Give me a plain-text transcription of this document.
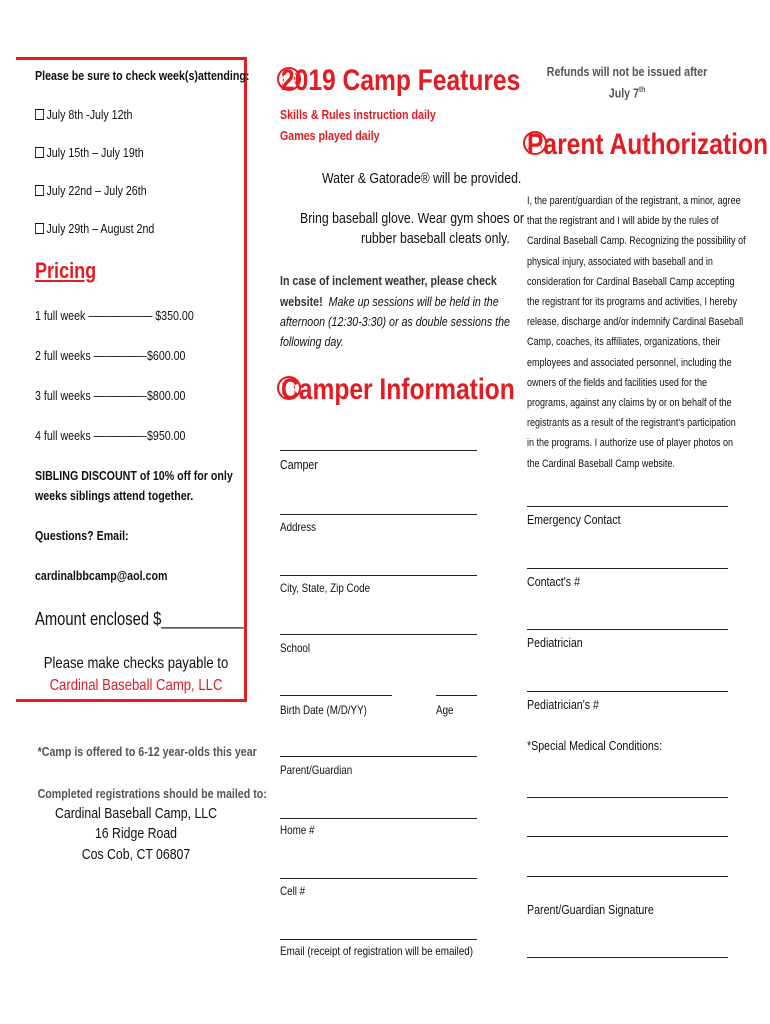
Please be sure to check week(s)attending:
July 8th -July 12th
July 15th – July 19th
July 22nd – July 26th
July 29th – August 2nd
Pricing
1 full week —————— $350.00
2 full weeks —————$600.00
3 full weeks —————$800.00
4 full weeks —————$950.00
SIBLING DISCOUNT of 10% off for only
weeks siblings attend together.
Questions? Email:
cardinalbbcamp@aol.com
Amount enclosed $__________
Please make checks payable to
Cardinal Baseball Camp, LLC
*Camp is offered to 6-12 year-olds this year
Completed registrations should be mailed to:
Cardinal Baseball Camp, LLC
16 Ridge Road
Cos Cob, CT 06807
2019 Camp Features
Skills & Rules instruction daily
Games played daily
Water & Gatorade® will be provided.
Bring baseball glove. Wear gym shoes or
rubber baseball cleats only.
In case of inclement weather, please check
website! Make up sessions will be held in the
afternoon (12:30-3:30) or as double sessions the
following day.
Camper Information
Camper
Address
City, State, Zip Code
School
Birth Date (M/D/YY)	Age
Parent/Guardian
Home #
Cell #
Email (receipt of registration will be emailed)
Refunds will not be issued after
July 7th
Parent Authorization
I, the parent/guardian of the registrant, a minor, agree
that the registrant and I will abide by the rules of
Cardinal Baseball Camp. Recognizing the possibility of
physical injury, associated with baseball and in
consideration for Cardinal Baseball Camp accepting
the registrant for its programs and activities, I hereby
release, discharge and/or indemnify Cardinal Baseball
Camp, coaches, its affiliates, organizations, their
employees and associated personnel, including the
owners of the fields and facilities used for the
programs, against any claims by or on behalf of the
registrants as a result of the registrant's participation
in the programs. I authorize use of player photos on
the Cardinal Baseball Camp website.
Emergency Contact
Contact's #
Pediatrician
Pediatrician's #
*Special Medical Conditions:
Parent/Guardian Signature
